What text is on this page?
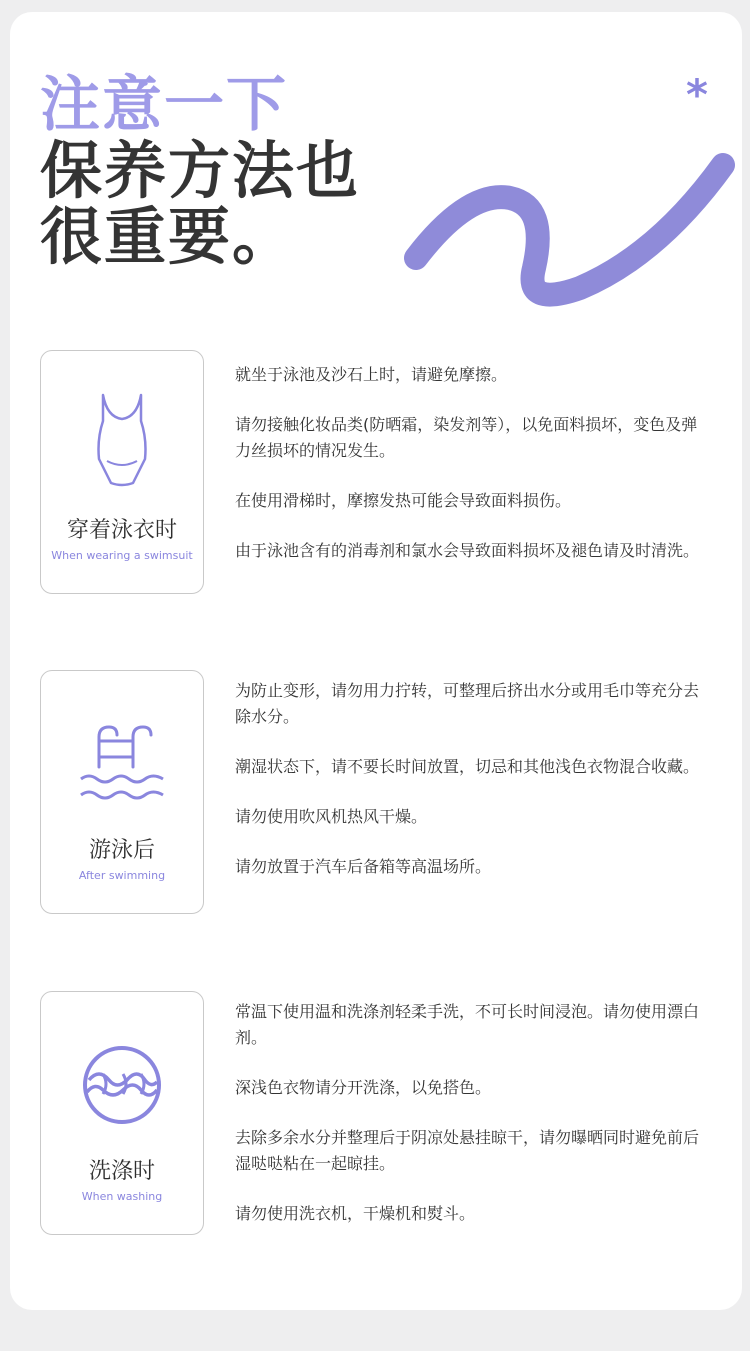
注意一下
保养方法也
很重要。
*
Maintenance advice
穿着泳衣时
When wearing a swimsuit

就坐于泳池及沙石上时，请避免摩擦。

请勿接触化妆品类(防晒霜，染发剂等），以免面料损坏，变色及弹力丝损坏的情况发生。

在使用滑梯时，摩擦发热可能会导致面料损伤。

由于泳池含有的消毒剂和氯水会导致面料损坏及褪色请及时清洗。

游泳后
After swimming

为防止变形，请勿用力拧转，可整理后挤出水分或用毛巾等充分去除水分。

潮湿状态下，请不要长时间放置，切忌和其他浅色衣物混合收藏。

请勿使用吹风机热风干燥。

请勿放置于汽车后备箱等高温场所。

洗涤时
When washing

常温下使用温和洗涤剂轻柔手洗，不可长时间浸泡。请勿使用漂白剂。

深浅色衣物请分开洗涤，以免搭色。

去除多余水分并整理后于阴凉处悬挂晾干，请勿曝晒同时避免前后湿哒哒粘在一起晾挂。

请勿使用洗衣机，干燥机和熨斗。
